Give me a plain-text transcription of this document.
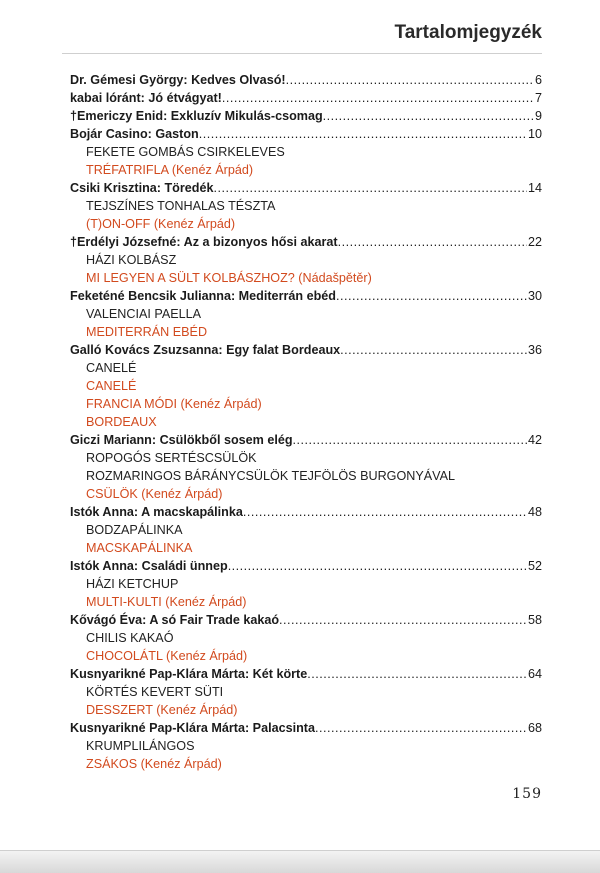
Tartalomjegyzék
Dr. Gémesi György: Kedves Olvasó! .....	6
kabai lóránt: Jó étvágyat! .....	7
†Emericzy Enid: Exkluzív Mikulás-csomag .....	9
Bojár Casino: Gaston .....	10
FEKETE GOMBÁS CSIRKELEVES
TRÉFATRIFLA (Kenéz Árpád)
Csiki Krisztina: Töredék .....	14
TEJSZÍNES TONHALAS TÉSZTA
(T)ON-OFF (Kenéz Árpád)
†Erdélyi Józsefné: Az a bizonyos hősi akarat .....	22
HÁZI KOLBÁSZ
MI LEGYEN A SÜLT KOLBÁSZHOZ? (Nádašpětěr)
Feketéné Bencsik Julianna: Mediterrán ebéd .....	30
VALENCIAI PAELLA
MEDITERRÁN EBÉD
Galló Kovács Zsuzsanna: Egy falat Bordeaux .....	36
CANELÉ
CANELÉ
FRANCIA MÓDI (Kenéz Árpád)
BORDEAUX
Giczi Mariann: Csülökből sosem elég .....	42
ROPOGÓS SERTÉSCSÜLÖK
ROZMARINGOS BÁRÁNYCSÜLÖK TEJFÖLÖS BURGONYÁVAL
CSÜLÖK (Kenéz Árpád)
Istók Anna: A macskapálinka .....	48
BODZAPÁLINKA
MACSKAPÁLINKA
Istók Anna: Családi ünnep .....	52
HÁZI KETCHUP
MULTI-KULTI (Kenéz Árpád)
Kővágó Éva: A só Fair Trade kakaó .....	58
CHILIS KAKAÓ
CHOCOLÁTL (Kenéz Árpád)
Kusnyarikné Pap-Klára Márta: Két körte .....	64
KÖRTÉS KEVERT SÜTI
DESSZERT (Kenéz Árpád)
Kusnyarikné Pap-Klára Márta: Palacsinta .....	68
KRUMPLILÁNGOS
ZSÁKOS (Kenéz Árpád)
159
